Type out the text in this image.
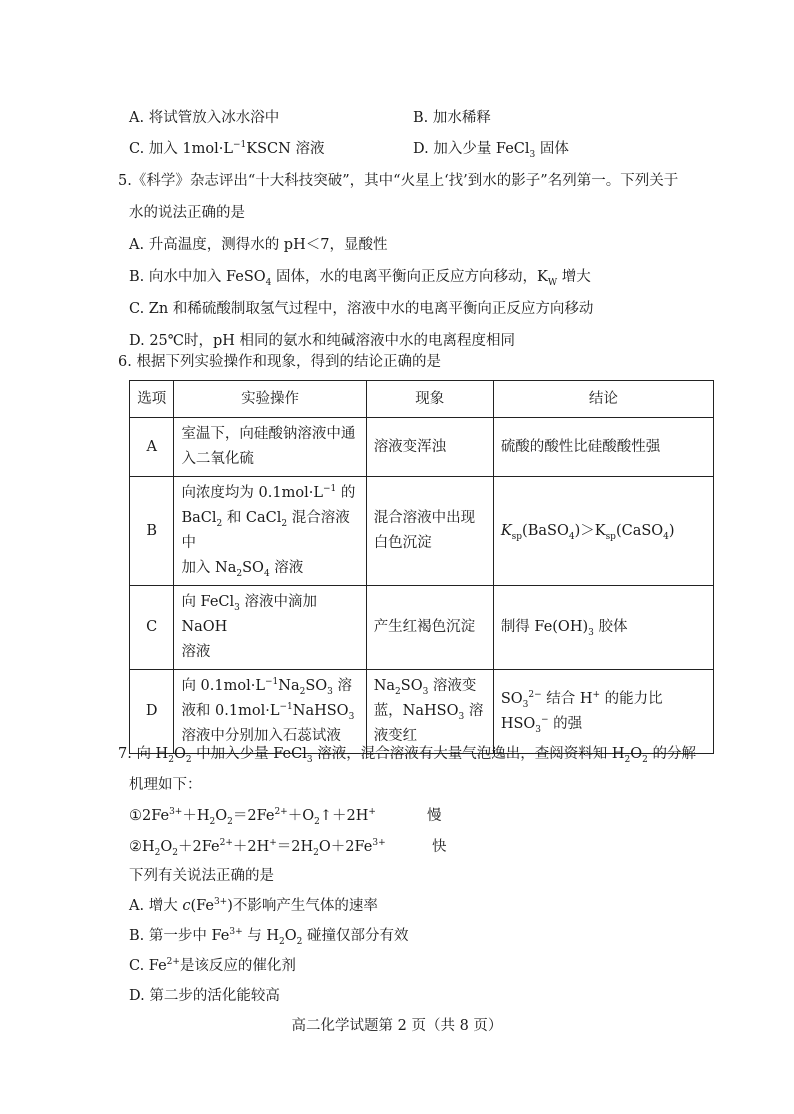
A. 将试管放入冰水浴中	B. 加水稀释
C. 加入 $1mol\cdot L^{-1}KSCN$ 溶液	D. 加入少量 FeCl$_3$ 固体
5.《科学》杂志评出“十大科技突破”，其中“火星上‘找’到水的影子”名列第一。下列关于
水的说法正确的是
A. 升高温度，测得水的 pH＜7，显酸性
B. 向水中加入 FeSO$_4$ 固体，水的电离平衡向正反应方向移动，$K_W$ 增大
C. Zn 和稀硫酸制取氢气过程中，溶液中水的电离平衡向正反应方向移动
D. 25℃时，pH 相同的氨水和纯碱溶液中水的电离程度相同
6. 根据下列实验操作和现象，得到的结论正确的是
选项	实验操作	现象	结论
A	室温下，向硅酸钠溶液中通入二氧化硫	溶液变浑浊	硫酸的酸性比硅酸酸性强
B	向浓度均为 $0.1mol\cdot L^{-1}$ 的
BaCl$_2$ 和 CaCl$_2$ 混合溶液中
加入 $Na_2SO_4$ 溶液	混合溶液中出现白色沉淀	$K_{sp}(BaSO_4)>K_{sp}(CaSO_4)$
C	向 FeCl$_3$ 溶液中滴加 NaOH
溶液	产生红褐色沉淀	制得 $Fe(OH)_3$ 胶体
D	向 $0.1mol\cdot L^{-1}Na_2SO_3$ 溶
液和 $0.1mol\cdot L^{-1}NaHSO_3$
溶液中分别加入石蕊试液	$Na_2SO_3$ 溶液变
蓝，NaHSO$_3$ 溶
液变红	$SO_3^{2-}$ 结合 H+ 的能力比
$HSO_3^-$ 的强
7. 向 $H_2O_2$ 中加入少量 FeCl$_3$ 溶液，混合溶液有大量气泡逸出，查阅资料知 $H_2O_2$ 的分解
机理如下：
$①2Fe^{3+}+H_2O_2=2Fe^{2+}+O_2↑+2H^+$	慢
$②H_2O_2+2Fe^{2+}+2H^+=2H_2O+2Fe^{3+}$	快
下列有关说法正确的是
A. 增大 $c(Fe^{3+})$不影响产生气体的速率
B. 第一步中 $Fe^{3+}$ 与 $H_2O_2$ 碰撞仅部分有效
C. $Fe^{2+}$是该反应的催化剂
D. 第二步的活化能较高
高二化学试题第 2 页（共 8 页）
